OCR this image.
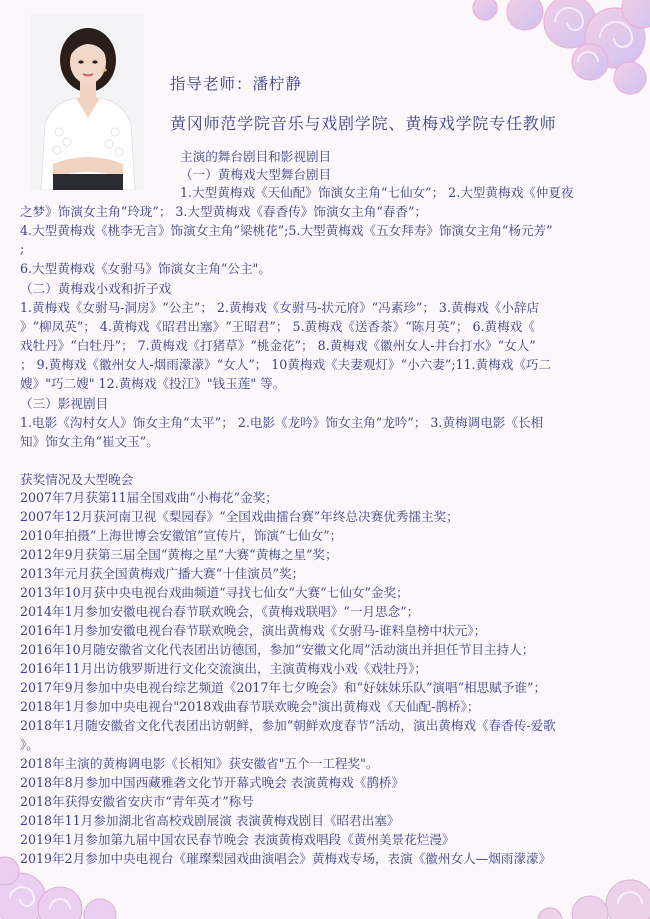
指导老师：潘柠静
黄冈师范学院音乐与戏剧学院、黄梅戏学院专任教师
主演的舞台剧目和影视剧目
（一）黄梅戏大型舞台剧目
1.大型黄梅戏《天仙配》饰演女主角“七仙女”； 2.大型黄梅戏《仲夏夜
之梦》饰演女主角“玲珑”； 3.大型黄梅戏《春香传》饰演女主角“春香”；
4.大型黄梅戏《桃李无言》饰演女主角“梁桃花”;5.大型黄梅戏《五女拜寿》饰演女主角“杨元芳”
;
6.大型黄梅戏《女驸马》饰演女主角“公主"。
（二）黄梅戏小戏和折子戏
1.黄梅戏《女驸马-洞房》“公主”； 2.黄梅戏《女驸马-状元府》“冯素珍”； 3.黄梅戏《小辞店
》“柳凤英”； 4.黄梅戏《昭君出塞》“王昭君”； 5.黄梅戏《送香茶》“陈月英”； 6.黄梅戏《
戏牡丹》“白牡丹”； 7.黄梅戏《打猪草》“桃金花”； 8.黄梅戏《徽州女人-井台打水》“女人”
； 9.黄梅戏《徽州女人-烟雨濛濛》“女人”； 10黄梅戏《夫妻观灯》“小六妻”;11.黄梅戏《巧二
嫂》"巧二嫂" 12.黄梅戏《投江》"钱玉莲" 等。
（三）影视剧目
1.电影《沟村女人》饰女主角“太平”； 2.电影《龙吟》饰女主角“龙吟”； 3.黄梅调电影《长相
知》饰女主角“崔文玉”。
获奖情况及大型晚会
2007年7月获第11届全国戏曲“小梅花”金奖；
2007年12月获河南卫视《梨园春》“全国戏曲擂台赛”年终总决赛优秀擂主奖；
2010年拍摄“上海世博会安徽馆”宣传片，饰演“七仙女”；
2012年9月获第三届全国“黄梅之星”大赛“黄梅之星”奖；
2013年元月获全国黄梅戏广播大赛“十佳演员”奖；
2013年10月获中央电视台戏曲频道“寻找七仙女”大赛“七仙女”金奖；
2014年1月参加安徽电视台春节联欢晚会，《黄梅戏联唱》“一月思念”；
2016年1月参加安徽电视台春节联欢晚会，演出黄梅戏《女驸马-谁料皇榜中状元》；
2016年10月随安徽省文化代表团出访德国，参加“安徽文化周”活动演出并担任节目主持人；
2016年11月出访俄罗斯进行文化交流演出，主演黄梅戏小戏《戏牡丹》；
2017年9月参加中央电视台综艺频道《2017年七夕晚会》和“好妹妹乐队”演唱“相思赋予谁”；
2018年1月参加中央电视台"2018戏曲春节联欢晚会"演出黄梅戏《天仙配-鹊桥》；
2018年1月随安徽省文化代表团出访朝鲜，参加“朝鲜欢度春节”活动，演出黄梅戏《春香传-爱歌
》。
2018年主演的黄梅调电影《长相知》获安徽省"五个一工程奖"。
2018年8月参加中国西藏雅砻文化节开幕式晚会 表演黄梅戏《鹊桥》
2018年获得安徽省安庆市“青年英才”称号
2018年11月参加湖北省高校戏剧展演 表演黄梅戏剧目《昭君出塞》
2019年1月参加第九届中国农民春节晚会 表演黄梅戏唱段《黄州美景花烂漫》
2019年2月参加中央电视台《璀璨梨园戏曲演唱会》黄梅戏专场，表演《徽州女人—烟雨濛濛》
